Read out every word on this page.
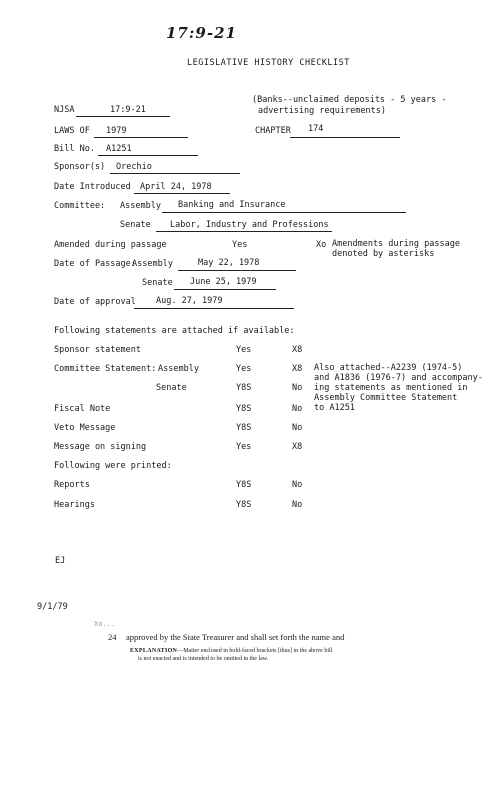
17:9-21
LEGISLATIVE HISTORY CHECKLIST
NJSA	17:9-21
(Banks--unclaimed deposits - 5 years -
advertising requirements)
LAWS OF 1979	CHAPTER 174
Bill No. A1251
Sponsor(s) Orechio
Date Introduced April 24, 1978
Committee: Assembly Banking and Insurance
Senate Labor, Industry and Professions
Amended during passage	Yes	Xo Amendments during passage
denoted by asterisks
Date of Passage:
Assembly	May 22, 1978
Senate June 25, 1979
Date of approval Aug. 27, 1979
Following statements are attached if available:
Sponsor statement	Yes	X8
Committee Statement: Assembly	Yes	X8
Senate	Y8S	No
Fiscal Note	Y8S	No
Veto Message	Y8S	No
Message on signing	Yes	X8
Also attached--A2239 (1974-5)
and A1836 (1976-7) and accompany-
ing statements as mentioned in
Assembly Committee Statement
to A1251
Following were printed:
Reports	Y8S	No
Hearings	Y8S	No
EJ
9/1/79
Xo...
24 approved by the State Treasurer and shall set forth the name and
EXPLANATION—Matter enclosed in bold-faced brackets [thus] in the above bill
is not enacted and is intended to be omitted in the law.
